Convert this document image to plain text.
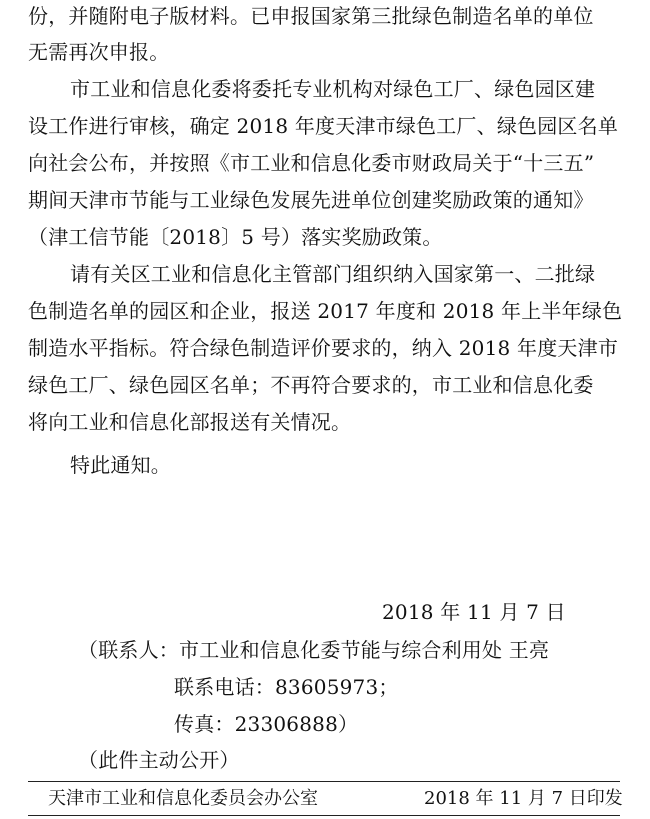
份，并随附电子版材料。已申报国家第三批绿色制造名单的单位
无需再次申报。
市工业和信息化委将委托专业机构对绿色工厂、绿色园区建
设工作进行审核，确定 2018 年度天津市绿色工厂、绿色园区名单
向社会公布，并按照《市工业和信息化委市财政局关于“十三五”
期间天津市节能与工业绿色发展先进单位创建奖励政策的通知》
（津工信节能〔2018〕5 号）落实奖励政策。
请有关区工业和信息化主管部门组织纳入国家第一、二批绿
色制造名单的园区和企业，报送 2017 年度和 2018 年上半年绿色
制造水平指标。符合绿色制造评价要求的，纳入 2018 年度天津市
绿色工厂、绿色园区名单；不再符合要求的，市工业和信息化委
将向工业和信息化部报送有关情况。
特此通知。
2018 年 11 月 7 日
（联系人：市工业和信息化委节能与综合利用处 王亮
联系电话：83605973；
传真：23306888）
（此件主动公开）
天津市工业和信息化委员会办公室	2018 年 11 月 7 日印发
